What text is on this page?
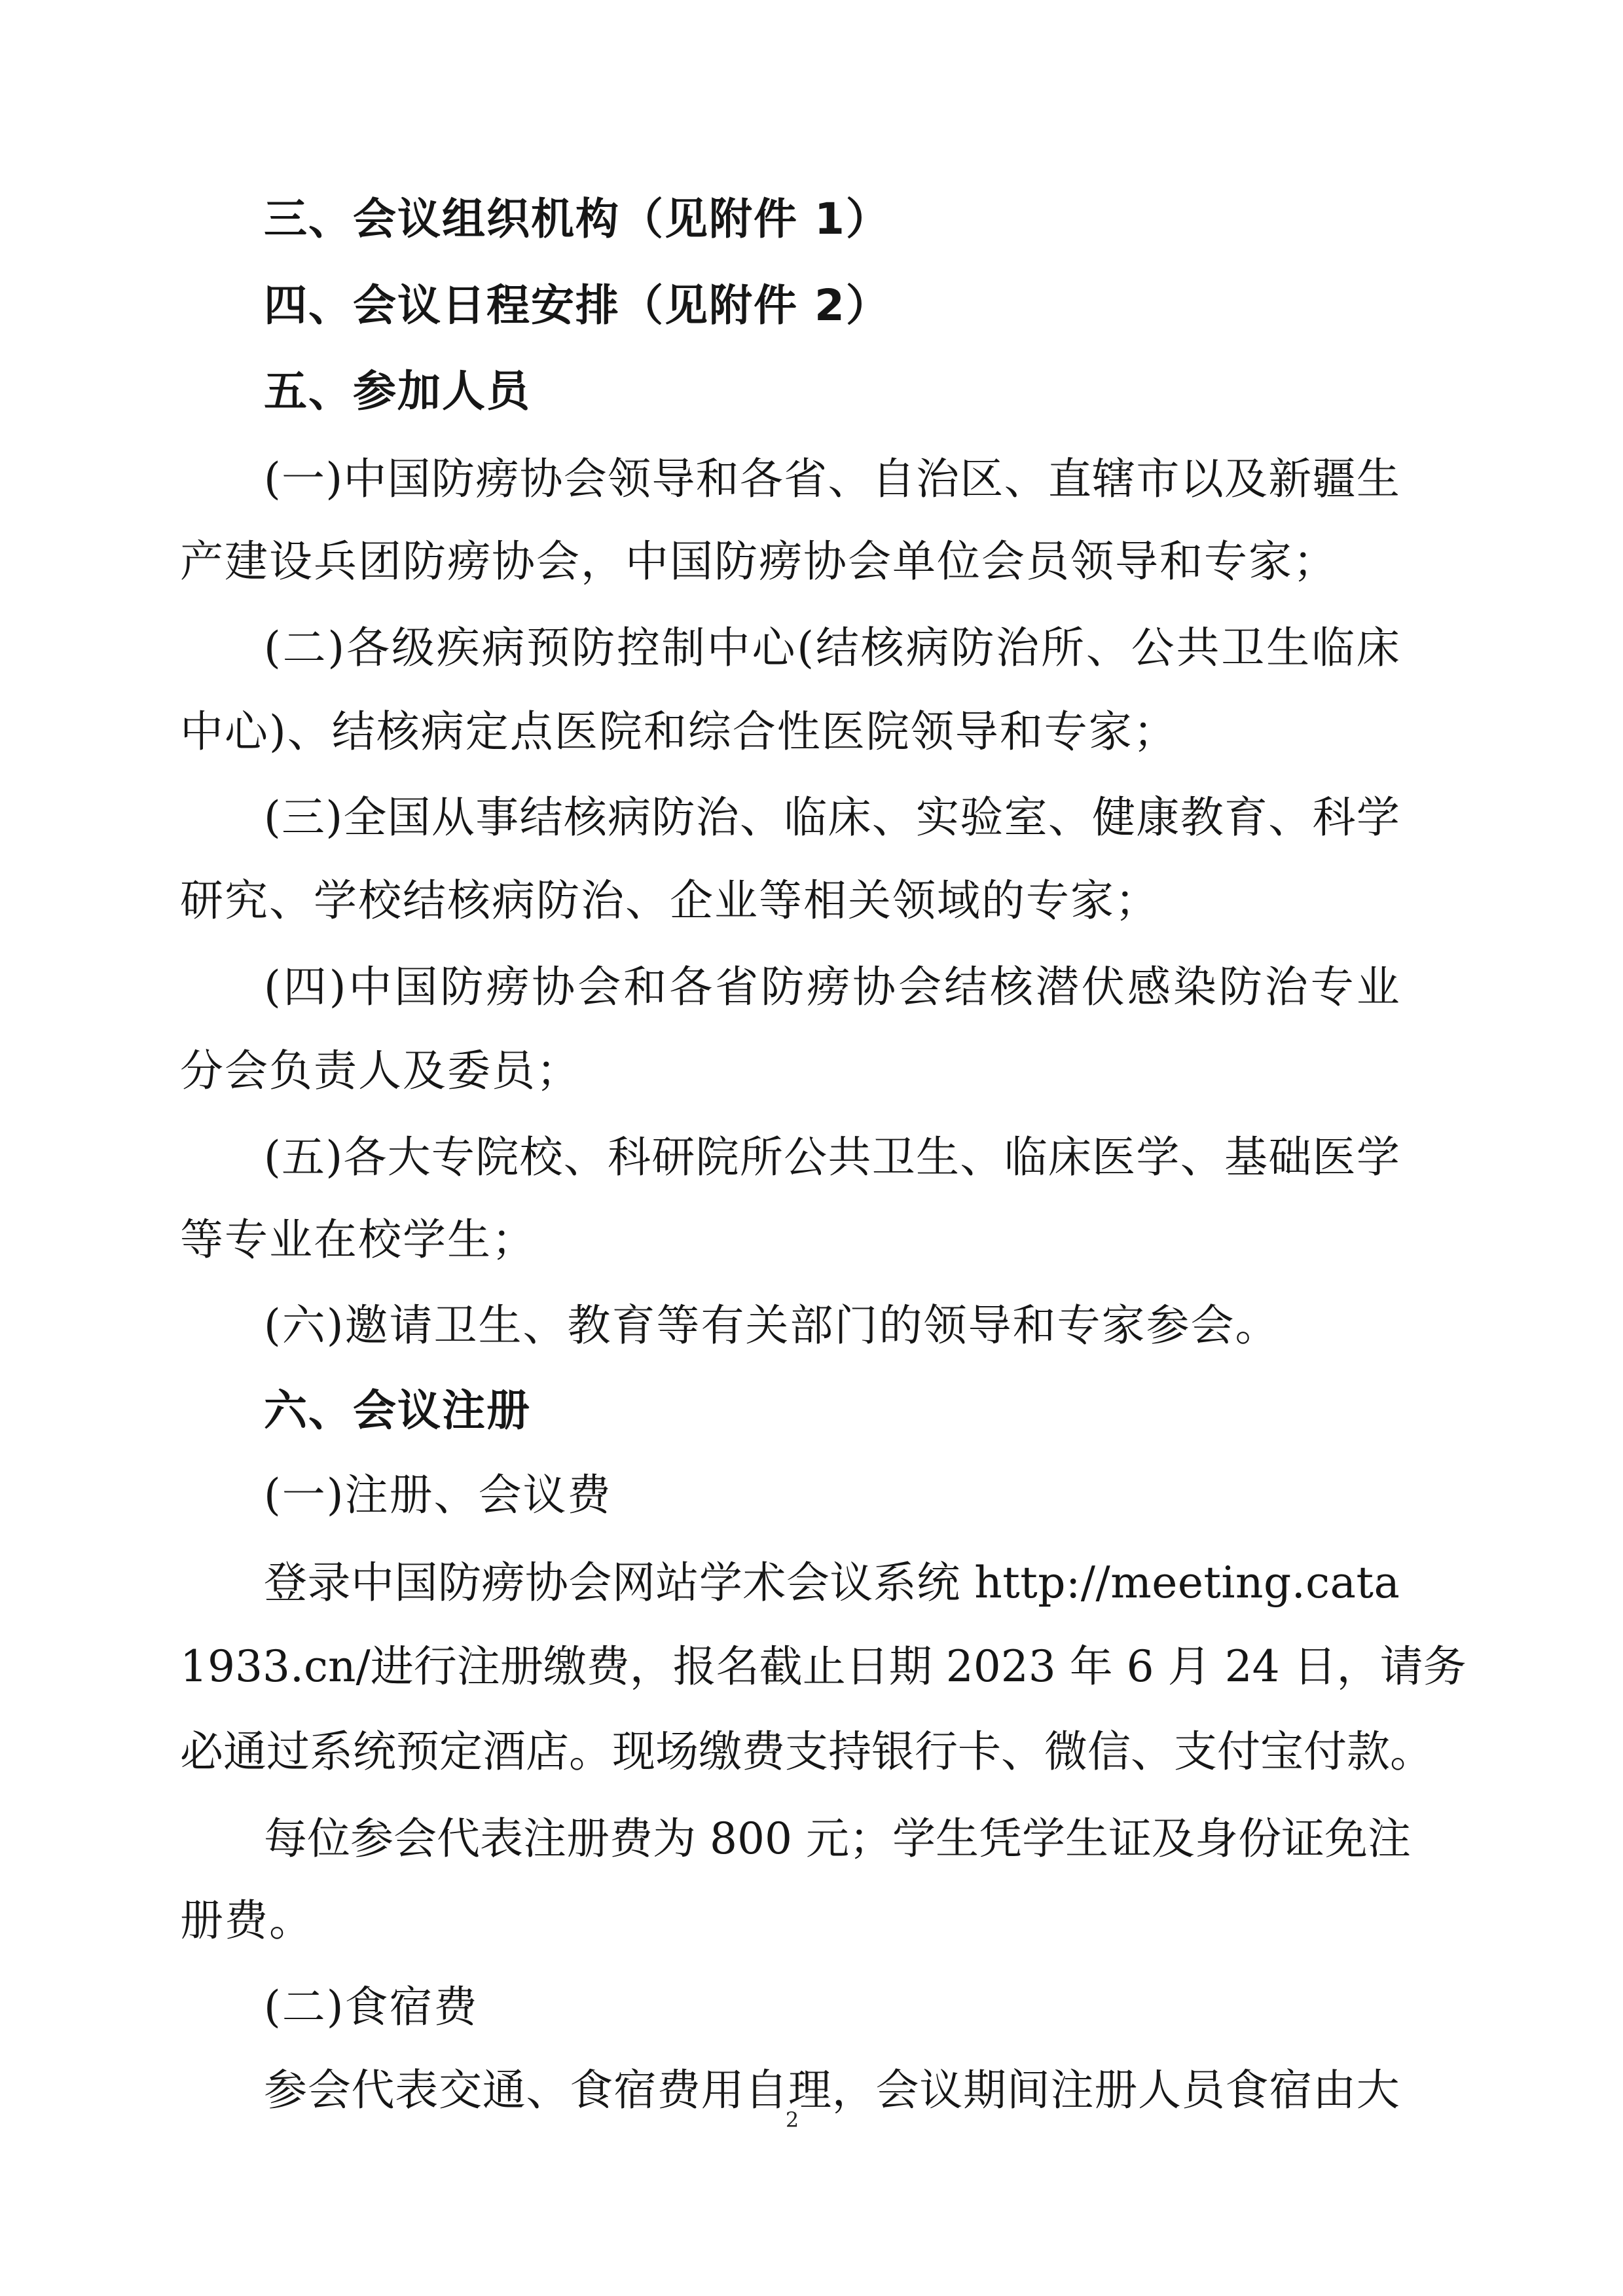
三、会议组织机构（见附件 1）
四、会议日程安排（见附件 2）
五、参加人员
( 一 ) 中 国 防 痨 协 会 领 导 和 各 省 、 自 治 区 、 直 辖 市 以 及 新 疆 生
产建设兵团防痨协会，中国防痨协会单位会员领导和专家；
( 二 ) 各 级 疾 病 预 防 控 制 中 心 ( 结 核 病 防 治 所 、 公 共 卫 生 临 床
中心)、结核病定点医院和综合性医院领导和专家；
( 三 ) 全 国 从 事 结 核 病 防 治 、 临 床 、 实 验 室 、 健 康 教 育 、 科 学
研究、学校结核病防治、企业等相关领域的专家；
( 四 ) 中 国 防 痨 协 会 和 各 省 防 痨 协 会 结 核 潜 伏 感 染 防 治 专 业
分会负责人及委员；
( 五 ) 各 大 专 院 校 、 科 研 院 所 公 共 卫 生 、 临 床 医 学 、 基 础 医 学
等专业在校学生；
(六)邀请卫生、教育等有关部门的领导和专家参会。
六、会议注册
(一)注册、会议费
登 录 中 国 防 痨 协 会 网 站 学 术 会 议 系 统
h t t p : / / m e e t i n g . c a t a
1 9 3 3 . c n / 进 行 注 册 缴 费 ， 报 名 截 止 日 期
2 0 2 3
年
6
月
2 4
日 ， 请 务
必 通 过 系 统 预 定 酒 店 。 现 场 缴 费 支 持 银 行 卡 、 微 信 、 支 付 宝 付 款 。
每 位 参 会 代 表 注 册 费 为
8 0 0
元 ； 学 生 凭 学 生 证 及 身 份 证 免 注
册费。
(二)食宿费
参 会 代 表 交 通 、 食 宿 费 用 自 理 ， 会 议 期 间 注 册 人 员 食 宿 由 大
2
